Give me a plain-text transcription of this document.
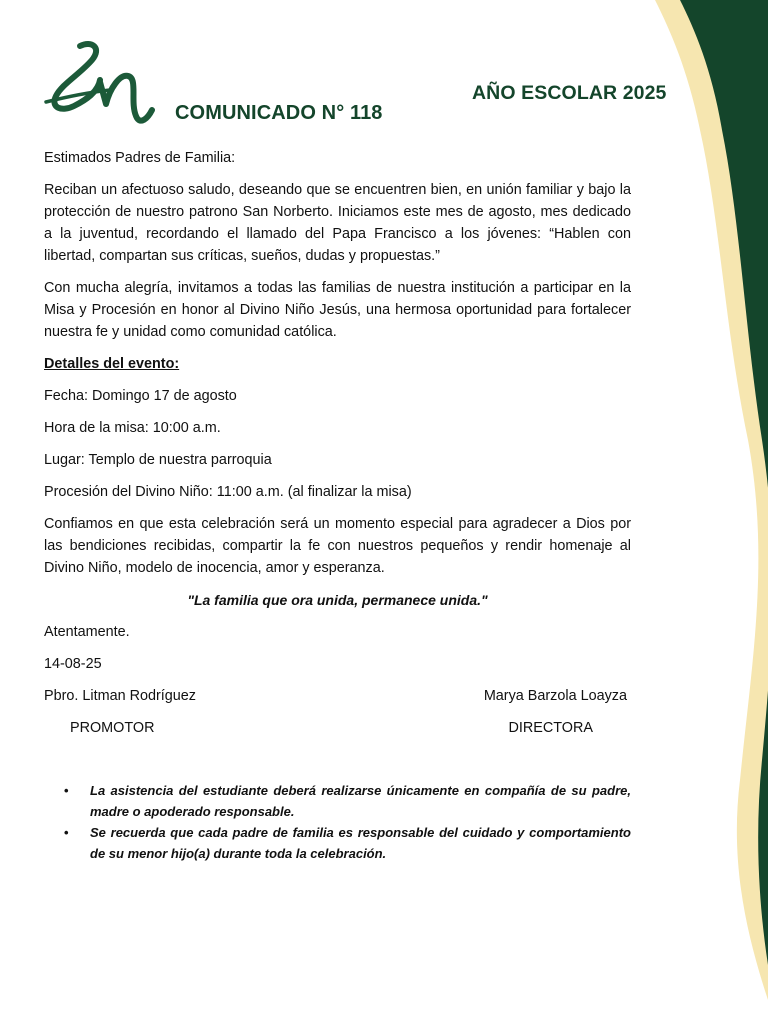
COMUNICADO N° 118
AÑO ESCOLAR 2025

Estimados Padres de Familia:

Reciban un afectuoso saludo, deseando que se encuentren bien, en unión familiar y bajo la protección de nuestro patrono San Norberto. Iniciamos este mes de agosto, mes dedicado a la juventud, recordando el llamado del Papa Francisco a los jóvenes: “Hablen con libertad, compartan sus críticas, sueños, dudas y propuestas.”

Con mucha alegría, invitamos a todas las familias de nuestra institución a participar en la Misa y Procesión en honor al Divino Niño Jesús, una hermosa oportunidad para fortalecer nuestra fe y unidad como comunidad católica.

Detalles del evento:

Fecha: Domingo 17 de agosto

Hora de la misa: 10:00 a.m.

Lugar: Templo de nuestra parroquia

Procesión del Divino Niño: 11:00 a.m. (al finalizar la misa)

Confiamos en que esta celebración será un momento especial para agradecer a Dios por las bendiciones recibidas, compartir la fe con nuestros pequeños y rendir homenaje al Divino Niño, modelo de inocencia, amor y esperanza.

"La familia que ora unida, permanece unida."

Atentamente.

14-08-25

Pbro. Litman Rodríguez	Marya Barzola Loayza
PROMOTOR	DIRECTORA
• La asistencia del estudiante deberá realizarse únicamente en compañía de su padre, madre o apoderado responsable.
• Se recuerda que cada padre de familia es responsable del cuidado y comportamiento de su menor hijo(a) durante toda la celebración.
